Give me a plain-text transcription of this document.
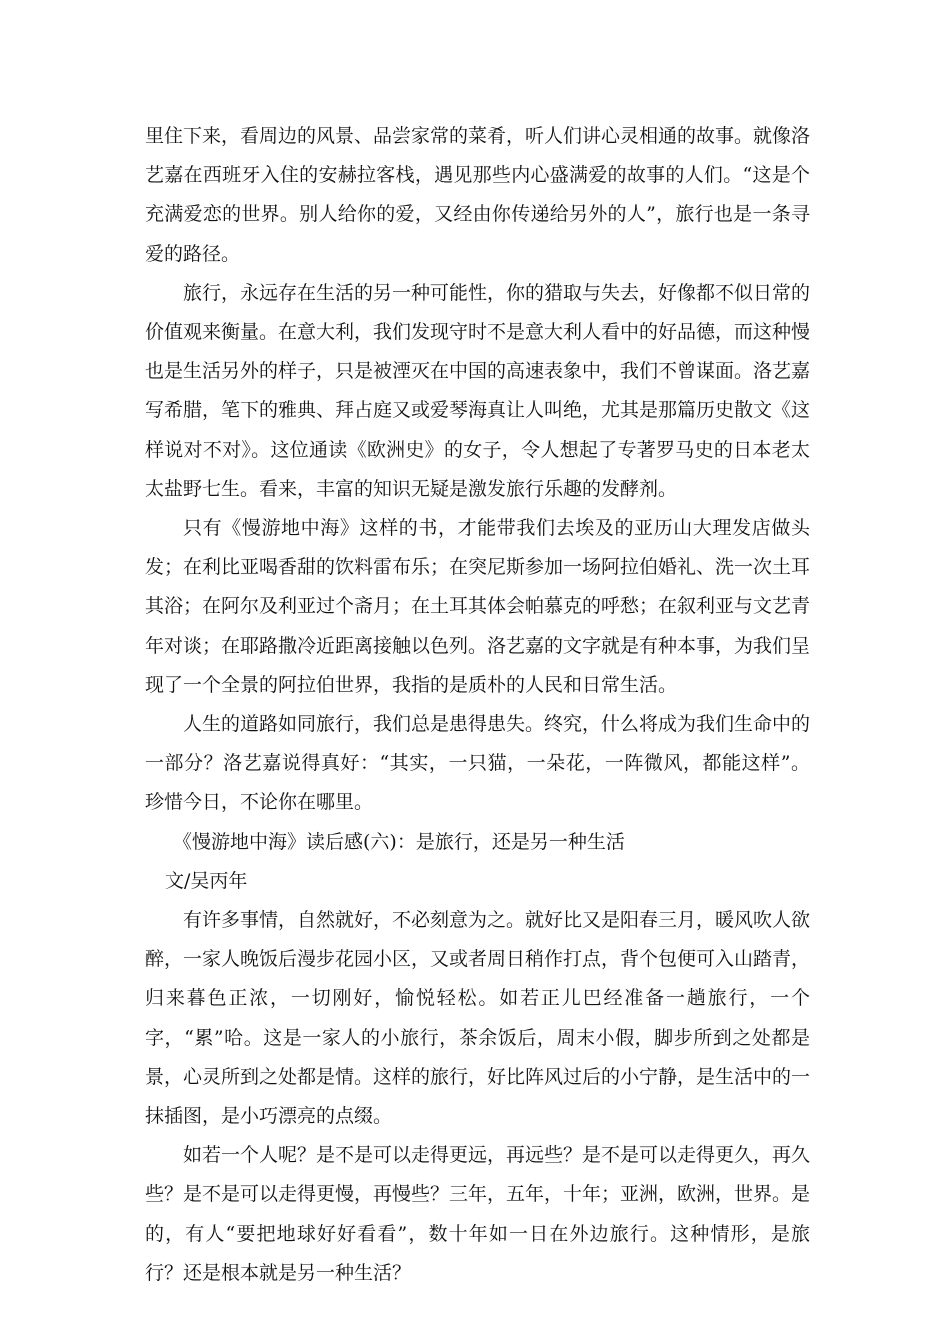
里住下来，看周边的风景、品尝家常的菜肴，听人们讲心灵相通的故事。就像洛艺嘉在西班牙入住的安赫拉客栈，遇见那些内心盛满爱的故事的人们。“这是个充满爱恋的世界。别人给你的爱，又经由你传递给另外的人”，旅行也是一条寻爱的路径。

旅行，永远存在生活的另一种可能性，你的猎取与失去，好像都不似日常的价值观来衡量。在意大利，我们发现守时不是意大利人看中的好品德，而这种慢也是生活另外的样子，只是被湮灭在中国的高速表象中，我们不曾谋面。洛艺嘉写希腊，笔下的雅典、拜占庭又或爱琴海真让人叫绝，尤其是那篇历史散文《这样说对不对》。这位通读《欧洲史》的女子，令人想起了专著罗马史的日本老太太盐野七生。看来，丰富的知识无疑是激发旅行乐趣的发酵剂。

只有《慢游地中海》这样的书，才能带我们去埃及的亚历山大理发店做头发；在利比亚喝香甜的饮料雷布乐；在突尼斯参加一场阿拉伯婚礼、洗一次土耳其浴；在阿尔及利亚过个斋月；在土耳其体会帕慕克的呼愁；在叙利亚与文艺青年对谈；在耶路撒冷近距离接触以色列。洛艺嘉的文字就是有种本事，为我们呈现了一个全景的阿拉伯世界，我指的是质朴的人民和日常生活。

人生的道路如同旅行，我们总是患得患失。终究，什么将成为我们生命中的一部分？洛艺嘉说得真好：“其实，一只猫，一朵花，一阵微风，都能这样”。珍惜今日，不论你在哪里。

《慢游地中海》读后感(六)：是旅行，还是另一种生活

文/吴丙年

有许多事情，自然就好，不必刻意为之。就好比又是阳春三月，暖风吹人欲醉，一家人晚饭后漫步花园小区，又或者周日稍作打点，背个包便可入山踏青，归来暮色正浓，一切刚好，愉悦轻松。如若正儿巴经准备一趟旅行，一个字，“累”哈。这是一家人的小旅行，茶余饭后，周末小假，脚步所到之处都是景，心灵所到之处都是情。这样的旅行，好比阵风过后的小宁静，是生活中的一抹插图，是小巧漂亮的点缀。

如若一个人呢？是不是可以走得更远，再远些？是不是可以走得更久，再久些？是不是可以走得更慢，再慢些？三年，五年，十年；亚洲，欧洲，世界。是的，有人“要把地球好好看看”，数十年如一日在外边旅行。这种情形，是旅行？还是根本就是另一种生活？
